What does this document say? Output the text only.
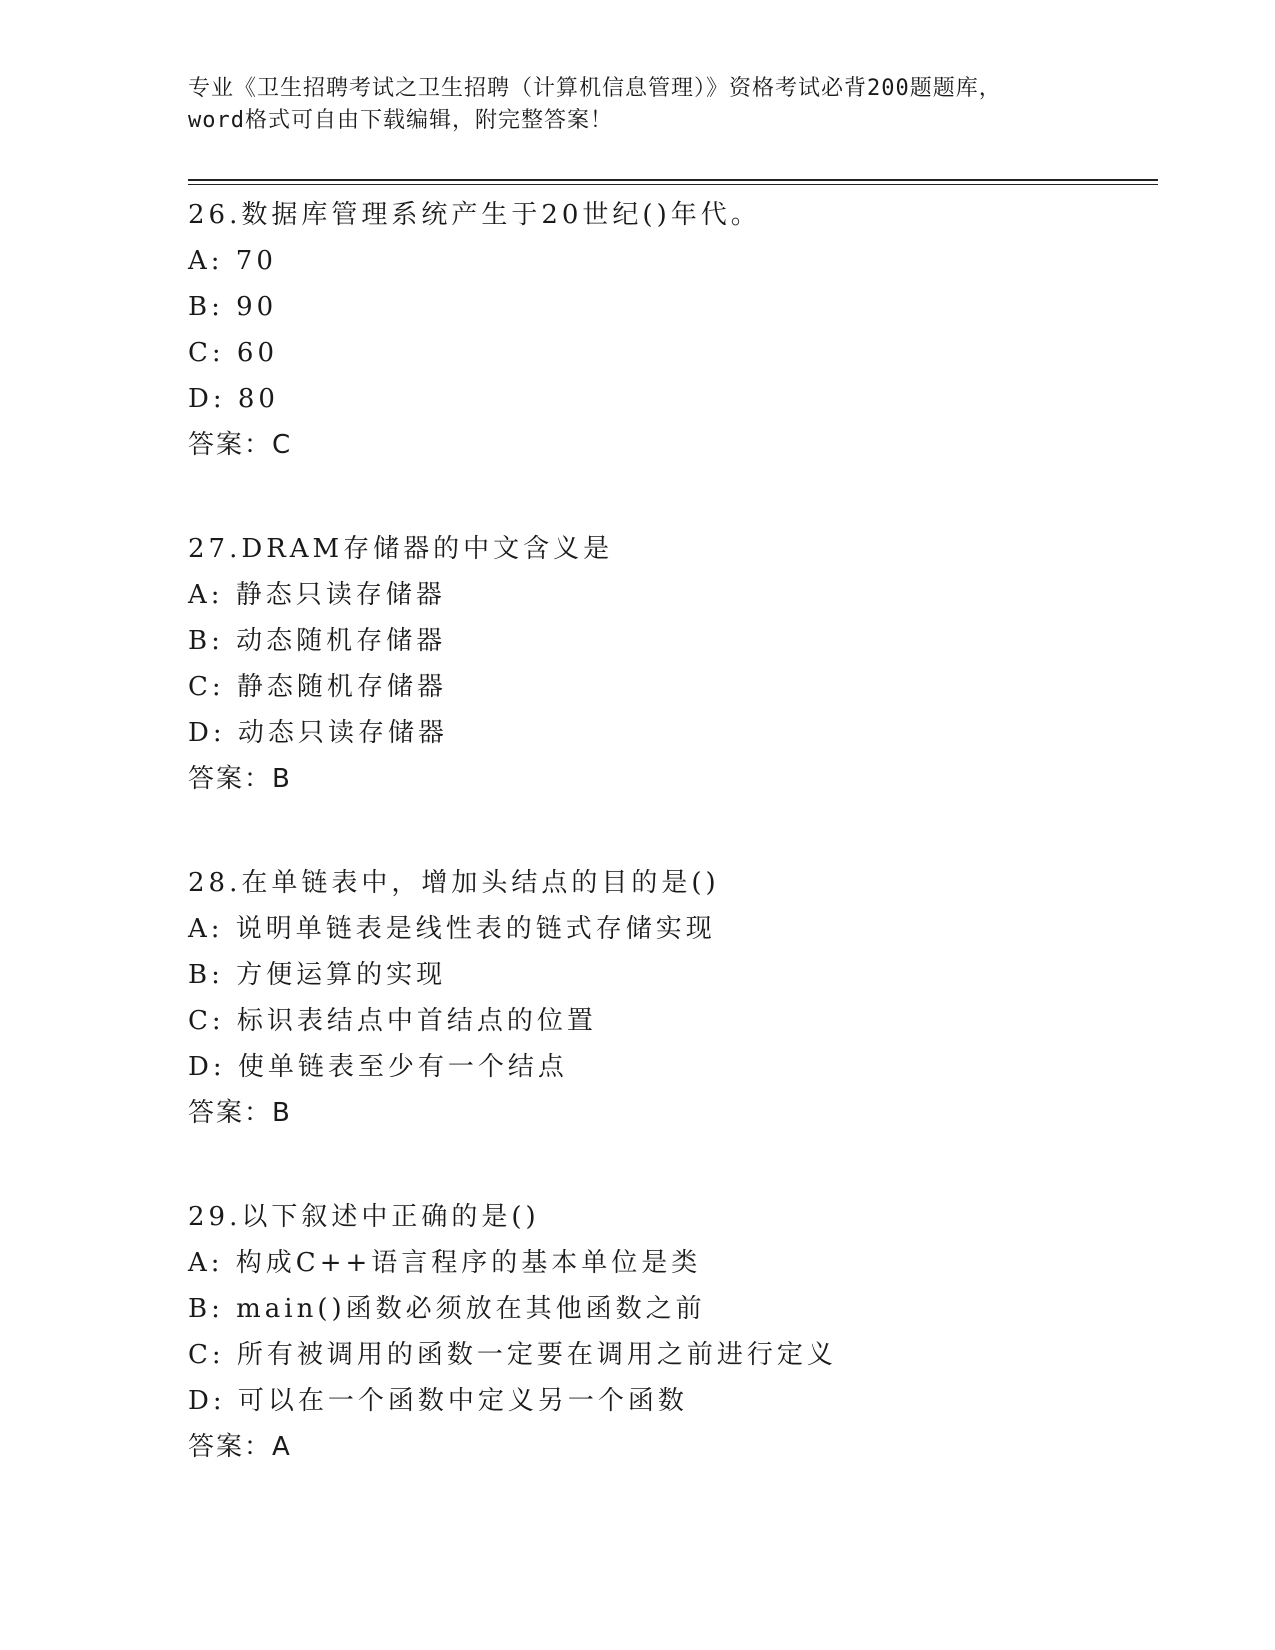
专业《卫生招聘考试之卫生招聘（计算机信息管理）》资格考试必背200题题库，
word格式可自由下载编辑，附完整答案！
26.数据库管理系统产生于20世纪()年代。
A: 70
B: 90
C: 60
D: 80
答案：C
27.DRAM存储器的中文含义是
A: 静态只读存储器
B: 动态随机存储器
C: 静态随机存储器
D: 动态只读存储器
答案：B
28.在单链表中，增加头结点的目的是()
A: 说明单链表是线性表的链式存储实现
B: 方便运算的实现
C: 标识表结点中首结点的位置
D: 使单链表至少有一个结点
答案：B
29.以下叙述中正确的是()
A: 构成C++语言程序的基本单位是类
B: main()函数必须放在其他函数之前
C: 所有被调用的函数一定要在调用之前进行定义
D: 可以在一个函数中定义另一个函数
答案：A
